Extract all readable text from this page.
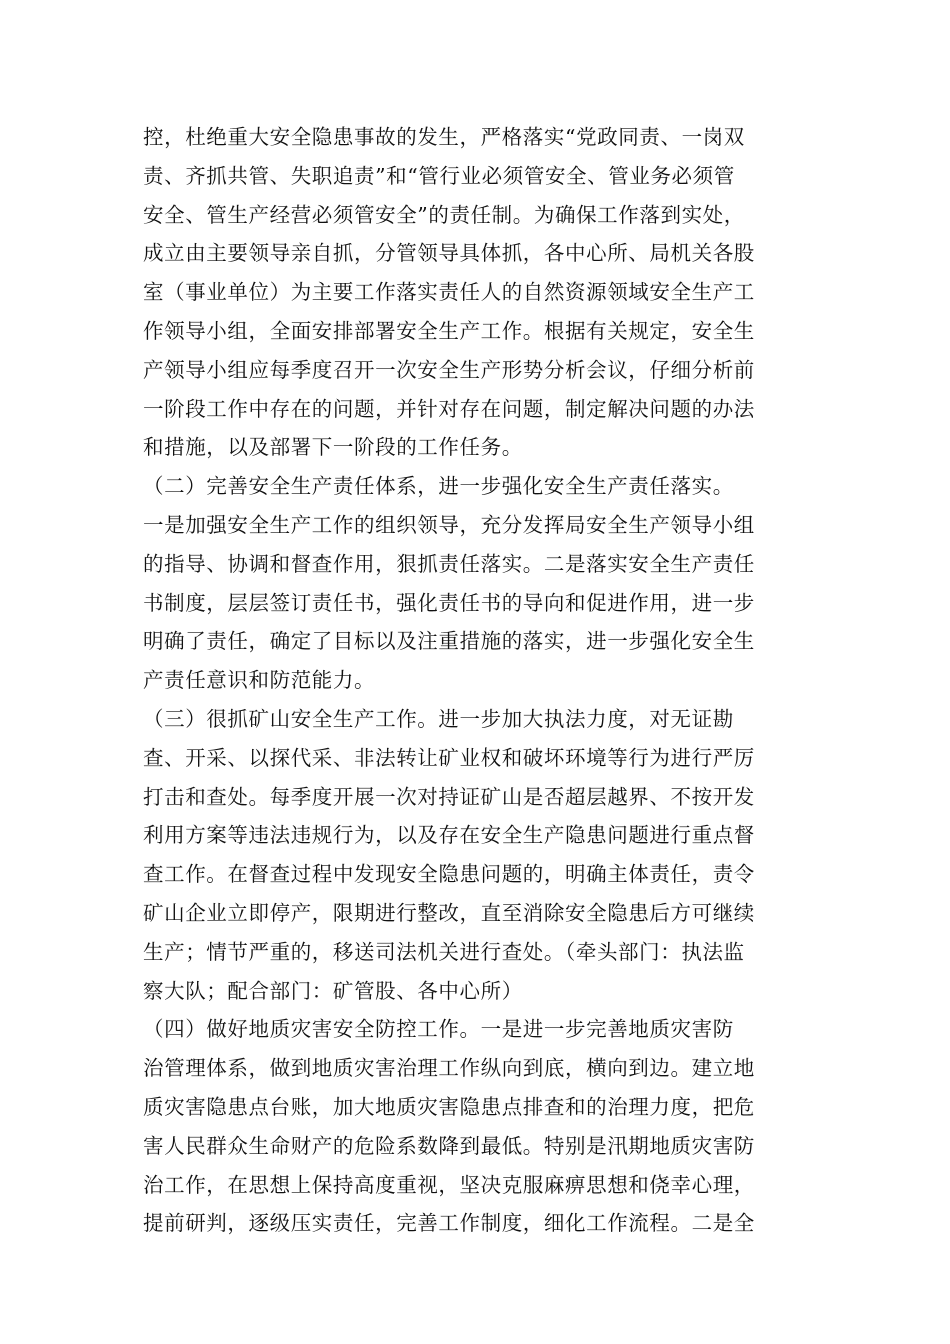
控，杜绝重大安全隐患事故的发生，严格落实“党政同责、一岗双
责、齐抓共管、失职追责”和“管行业必须管安全、管业务必须管
安全、管生产经营必须管安全”的责任制。为确保工作落到实处，
成立由主要领导亲自抓，分管领导具体抓，各中心所、局机关各股
室（事业单位）为主要工作落实责任人的自然资源领域安全生产工
作领导小组，全面安排部署安全生产工作。根据有关规定，安全生
产领导小组应每季度召开一次安全生产形势分析会议，仔细分析前
一阶段工作中存在的问题，并针对存在问题，制定解决问题的办法
和措施，以及部署下一阶段的工作任务。
（二）完善安全生产责任体系，进一步强化安全生产责任落实。
一是加强安全生产工作的组织领导，充分发挥局安全生产领导小组
的指导、协调和督查作用，狠抓责任落实。二是落实安全生产责任
书制度，层层签订责任书，强化责任书的导向和促进作用，进一步
明确了责任，确定了目标以及注重措施的落实，进一步强化安全生
产责任意识和防范能力。
（三）很抓矿山安全生产工作。进一步加大执法力度，对无证勘
查、开采、以探代采、非法转让矿业权和破坏环境等行为进行严厉
打击和查处。每季度开展一次对持证矿山是否超层越界、不按开发
利用方案等违法违规行为，以及存在安全生产隐患问题进行重点督
查工作。在督查过程中发现安全隐患问题的，明确主体责任，责令
矿山企业立即停产，限期进行整改，直至消除安全隐患后方可继续
生产；情节严重的，移送司法机关进行查处。（牵头部门：执法监
察大队；配合部门：矿管股、各中心所）
（四）做好地质灾害安全防控工作。一是进一步完善地质灾害防
治管理体系，做到地质灾害治理工作纵向到底，横向到边。建立地
质灾害隐患点台账，加大地质灾害隐患点排查和的治理力度，把危
害人民群众生命财产的危险系数降到最低。特别是汛期地质灾害防
治工作，在思想上保持高度重视，坚决克服麻痹思想和侥幸心理，
提前研判，逐级压实责任，完善工作制度，细化工作流程。二是全
